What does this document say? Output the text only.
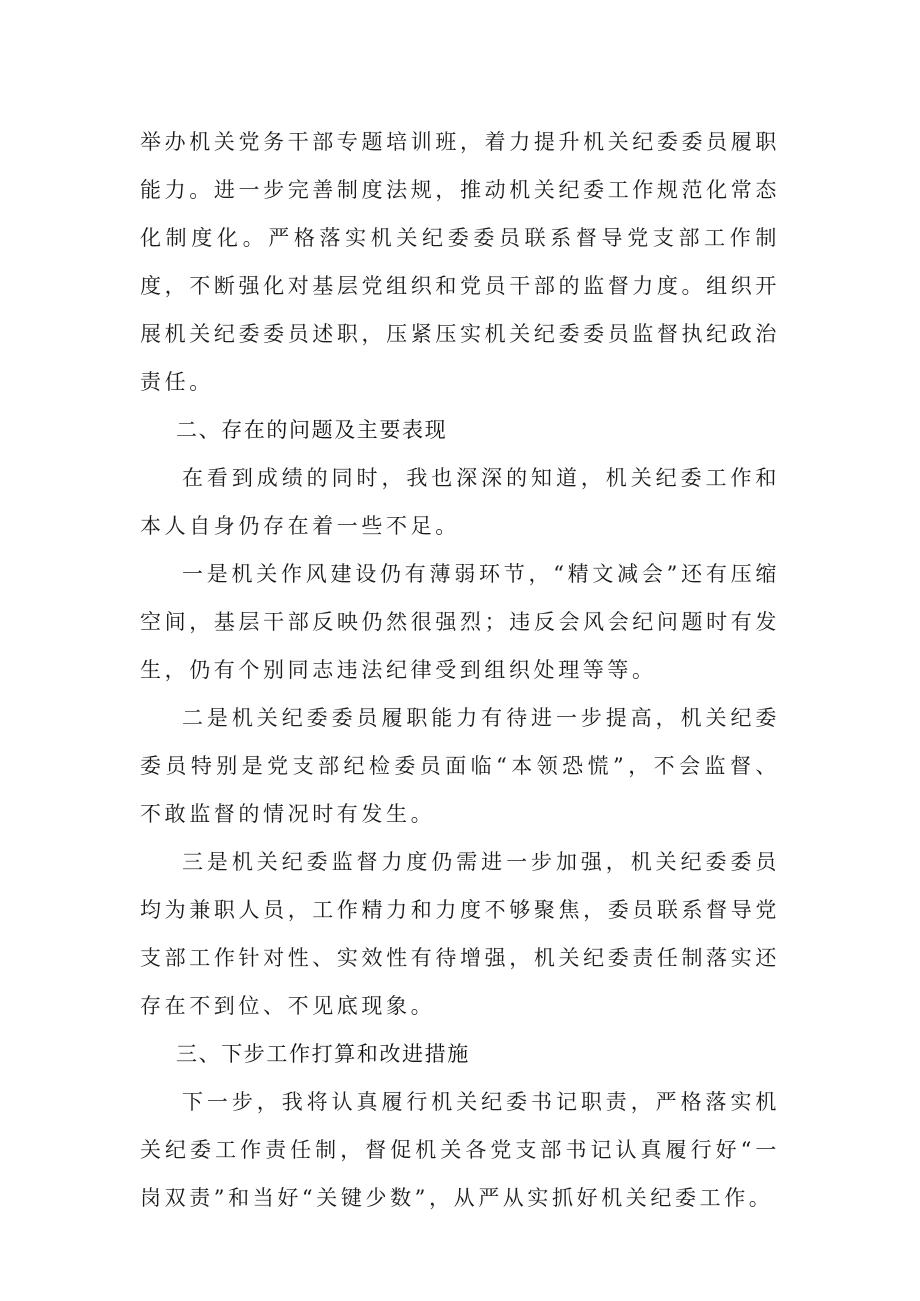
举办机关党务干部专题培训班，着力提升机关纪委委员履职能力。进一步完善制度法规，推动机关纪委工作规范化常态化制度化。严格落实机关纪委委员联系督导党支部工作制度，不断强化对基层党组织和党员干部的监督力度。组织开展机关纪委委员述职，压紧压实机关纪委委员监督执纪政治责任。

二、存在的问题及主要表现

在看到成绩的同时，我也深深的知道，机关纪委工作和本人自身仍存在着一些不足。

一是机关作风建设仍有薄弱环节，“精文减会”还有压缩空间，基层干部反映仍然很强烈；违反会风会纪问题时有发生，仍有个别同志违法纪律受到组织处理等等。

二是机关纪委委员履职能力有待进一步提高，机关纪委委员特别是党支部纪检委员面临“本领恐慌”，不会监督、不敢监督的情况时有发生。

三是机关纪委监督力度仍需进一步加强，机关纪委委员均为兼职人员，工作精力和力度不够聚焦，委员联系督导党支部工作针对性、实效性有待增强，机关纪委责任制落实还存在不到位、不见底现象。

三、下步工作打算和改进措施

下一步，我将认真履行机关纪委书记职责，严格落实机关纪委工作责任制，督促机关各党支部书记认真履行好“一岗双责”和当好“关键少数”，从严从实抓好机关纪委工作。
